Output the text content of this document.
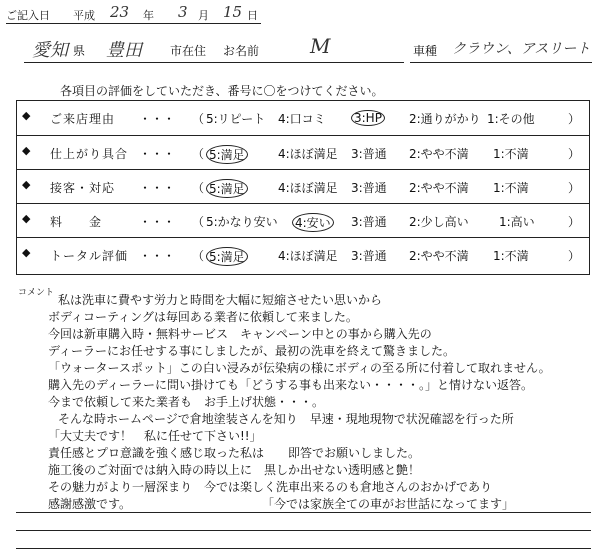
ご記入日 平成 23 年 3 月 15 日
愛知 県 豊田 市在住 お名前	M	車種 クラウン、アスリート
各項目の評価をしていただき、番号に〇をつけてください。
◆ ご来店理由 ・・・ （ 5:リピート 4:口コミ 3:HP 2:通りがかり 1:その他	）
◆ 仕上がり具合 ・・・ （ 5:満足	4:ほぼ満足 3:普通 2:やや不満 1:不満	）
◆ 接客・対応 ・・・ （ 5:満足	4:ほぼ満足 3:普通 2:やや不満 1:不満	）
◆ 料　　金	・・・ （ 5:かなり安い 4:安い 3:普通 2:少し高い	1:高い	）
◆ トータル評価 ・・・ （ 5:満足	4:ほぼ満足 3:普通 2:やや不満 1:不満	）
コメント 私は洗車に費やす労力と時間を大幅に短縮させたい思いから
ボディコーティングは毎回ある業者に依頼して来ました。
今回は新車購入時・無料サービス　キャンペーン中との事から購入先の
ディーラーにお任せする事にしましたが、最初の洗車を終えて驚きました。
「ウォータースポット」この白い浸みが伝染病の様にボディの至る所に付着して取れません。
購入先のディーラーに問い掛けても「どうする事も出来ない・・・・。」と情けない返答。
今まで依頼して来た業者も　お手上げ状態・・・。
そんな時ホームページで倉地塗装さんを知り　早速・現地現物で状況確認を行った所
「大丈夫です！　私に任せて下さい!!」
責任感とプロ意識を強く感じ取った私は　　即答でお願いしました。
施工後のご対面では納入時の時以上に　黒しか出せない透明感と艶！
その魅力がより一層深まり　今では楽しく洗車出来るのも倉地さんのおかげであり
感謝感激です。	「今では家族全ての車がお世話になってます」
